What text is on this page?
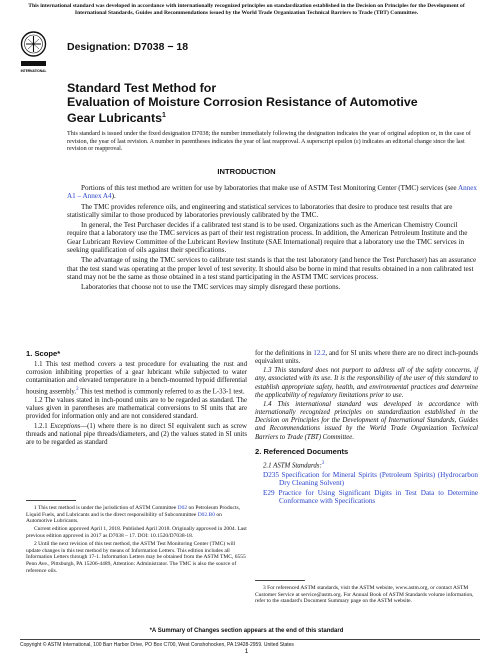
This international standard was developed in accordance with internationally recognized principles on standardization established in the Decision on Principles for the Development of International Standards, Guides and Recommendations issued by the World Trade Organization Technical Barriers to Trade (TBT) Committee.
INTERNATIONAL
Designation: D7038 − 18
Standard Test Method for
Evaluation of Moisture Corrosion Resistance of Automotive
Gear Lubricants$^1$
This standard is issued under the fixed designation D7038; the number immediately following the designation indicates the year of original adoption or, in the case of revision, the year of last revision. A number in parentheses indicates the year of last reapproval. A superscript epsilon (ε) indicates an editorial change since the last revision or reapproval.
INTRODUCTION

Portions of this test method are written for use by laboratories that make use of ASTM Test Monitoring Center (TMC) services (see Annex A1 – Annex A4).

The TMC provides reference oils, and engineering and statistical services to laboratories that desire to produce test results that are statistically similar to those produced by laboratories previously calibrated by the TMC.

In general, the Test Purchaser decides if a calibrated test stand is to be used. Organizations such as the American Chemistry Council require that a laboratory use the TMC services as part of their test registration process. In addition, the American Petroleum Institute and the Gear Lubricant Review Committee of the Lubricant Review Institute (SAE International) require that a laboratory use the TMC services in seeking qualification of oils against their specifications.

The advantage of using the TMC services to calibrate test stands is that the test laboratory (and hence the Test Purchaser) has an assurance that the test stand was operating at the proper level of test severity. It should also be borne in mind that results obtained in a non calibrated test stand may not be the same as those obtained in a test stand participating in the ASTM TMC services process.

Laboratories that choose not to use the TMC services may simply disregard these portions.

1. Scope*

1.1 This test method covers a test procedure for evaluating the rust and corrosion inhibiting properties of a gear lubricant while subjected to water contamination and elevated temperature in a bench-mounted hypoid differential housing assembly.$^2$ This test method is commonly referred to as the L-33-1 test.

1.2 The values stated in inch-pound units are to be regarded as standard. The values given in parentheses are mathematical conversions to SI units that are provided for information only and are not considered standard.

1.2.1 Exceptions—(1) where there is no direct SI equivalent such as screw threads and national pipe threads/diameters, and (2) the values stated in SI units are to be regarded as standard

1 This test method is under the jurisdiction of ASTM Committee D02 on Petroleum Products, Liquid Fuels, and Lubricants and is the direct responsibility of Subcommittee D02.B0 on Automotive Lubricants.

Current edition approved April 1, 2018. Published April 2018. Originally approved in 2004. Last previous edition approved in 2017 as D7038 – 17. DOI: 10.1520/D7038-18.

2 Until the next revision of this test method, the ASTM Test Monitoring Center (TMC) will update changes in this test method by means of Information Letters. This edition includes all Information Letters through 17-1. Information Letters may be obtained from the ASTM TMC, 6555 Penn Ave., Pittsburgh, PA 15206-4489, Attention: Administrator. The TMC is also the source of reference oils.

for the definitions in 12.2, and for SI units where there are no direct inch-pounds equivalent units.

1.3 This standard does not purport to address all of the safety concerns, if any, associated with its use. It is the responsibility of the user of this standard to establish appropriate safety, health, and environmental practices and determine the applicability of regulatory limitations prior to use.

1.4 This international standard was developed in accordance with internationally recognized principles on standardization established in the Decision on Principles for the Development of International Standards, Guides and Recommendations issued by the World Trade Organization Technical Barriers to Trade (TBT) Committee.

2. Referenced Documents

2.1 ASTM Standards:$^3$

D235 Specification for Mineral Spirits (Petroleum Spirits) (Hydrocarbon Dry Cleaning Solvent)

E29 Practice for Using Significant Digits in Test Data to Determine Conformance with Specifications

3 For referenced ASTM standards, visit the ASTM website, www.astm.org, or contact ASTM Customer Service at service@astm.org. For Annual Book of ASTM Standards volume information, refer to the standard's Document Summary page on the ASTM website.

*A Summary of Changes section appears at the end of this standard
Copyright © ASTM International, 100 Barr Harbor Drive, PO Box C700, West Conshohocken, PA 19428-2959. United States
1
